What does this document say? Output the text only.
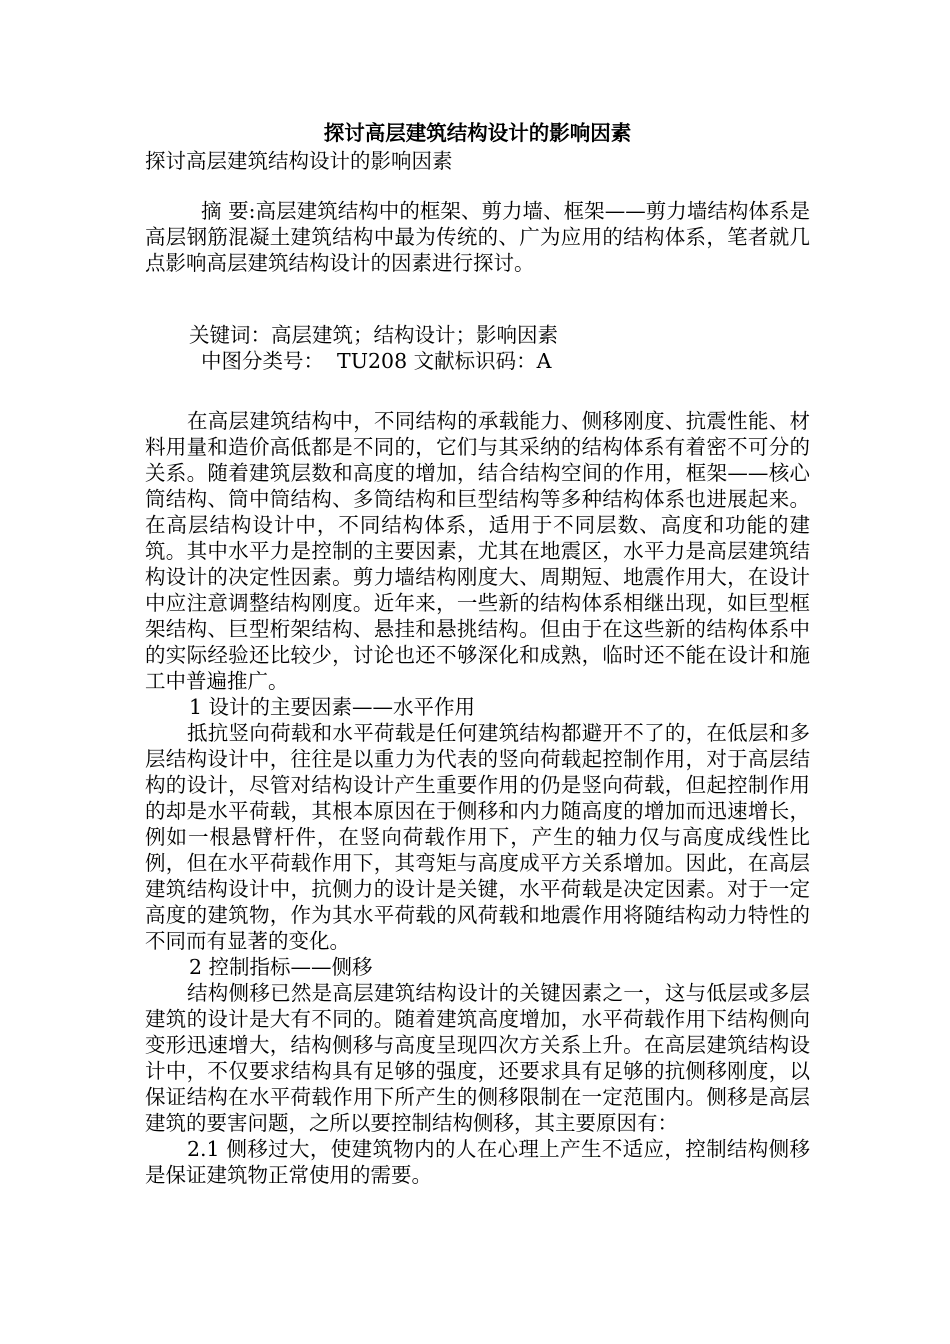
探讨高层建筑结构设计的影响因素

探讨高层建筑结构设计的影响因素

摘 要:高层建筑结构中的框架、剪力墙、框架——剪力墙结构体系是高层钢筋混凝土建筑结构中最为传统的、广为应用的结构体系，笔者就几点影响高层建筑结构设计的因素进行探讨。

关键词：高层建筑；结构设计；影响因素

中图分类号：  TU208 文献标识码：A

在高层建筑结构中，不同结构的承载能力、侧移刚度、抗震性能、材料用量和造价高低都是不同的，它们与其采纳的结构体系有着密不可分的关系。随着建筑层数和高度的增加，结合结构空间的作用，框架——核心筒结构、筒中筒结构、多筒结构和巨型结构等多种结构体系也进展起来。在高层结构设计中，不同结构体系，适用于不同层数、高度和功能的建筑。其中水平力是控制的主要因素，尤其在地震区，水平力是高层建筑结构设计的决定性因素。剪力墙结构刚度大、周期短、地震作用大，在设计中应注意调整结构刚度。近年来，一些新的结构体系相继出现，如巨型框架结构、巨型桁架结构、悬挂和悬挑结构。但由于在这些新的结构体系中的实际经验还比较少，讨论也还不够深化和成熟，临时还不能在设计和施工中普遍推广。

1 设计的主要因素——水平作用

抵抗竖向荷载和水平荷载是任何建筑结构都避开不了的，在低层和多层结构设计中，往往是以重力为代表的竖向荷载起控制作用，对于高层结构的设计，尽管对结构设计产生重要作用的仍是竖向荷载，但起控制作用的却是水平荷载，其根本原因在于侧移和内力随高度的增加而迅速增长，例如一根悬臂杆件，在竖向荷载作用下，产生的轴力仅与高度成线性比例，但在水平荷载作用下，其弯矩与高度成平方关系增加。因此，在高层建筑结构设计中，抗侧力的设计是关键，水平荷载是决定因素。对于一定高度的建筑物，作为其水平荷载的风荷载和地震作用将随结构动力特性的不同而有显著的变化。

2 控制指标——侧移

结构侧移已然是高层建筑结构设计的关键因素之一，这与低层或多层建筑的设计是大有不同的。随着建筑高度增加，水平荷载作用下结构侧向变形迅速增大，结构侧移与高度呈现四次方关系上升。在高层建筑结构设计中，不仅要求结构具有足够的强度，还要求具有足够的抗侧移刚度，以保证结构在水平荷载作用下所产生的侧移限制在一定范围内。侧移是高层建筑的要害问题，之所以要控制结构侧移，其主要原因有：

2.1 侧移过大，使建筑物内的人在心理上产生不适应，控制结构侧移是保证建筑物正常使用的需要。
